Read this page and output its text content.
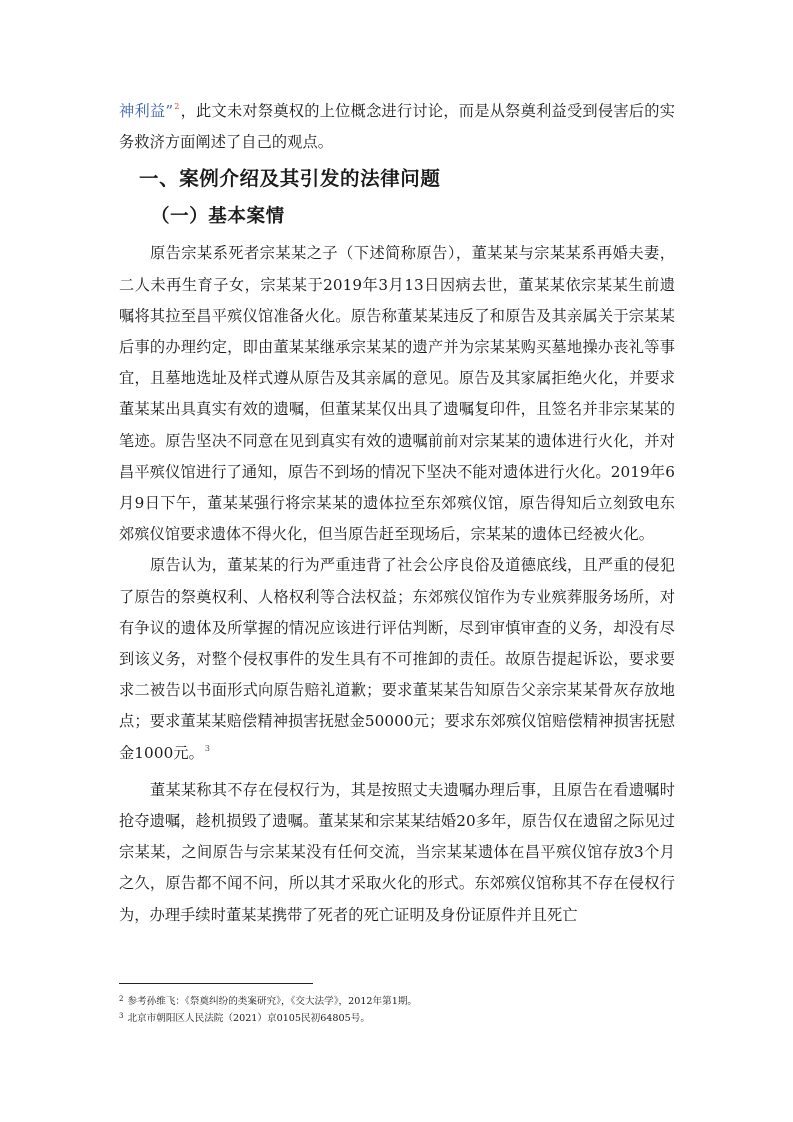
神利益”$^2$，此文未对祭奠权的上位概念进行讨论，而是从祭奠利益受到侵害后的实务救济方面阐述了自己的观点。

一、案例介绍及其引发的法律问题
（一）基本案情

原告宗某系死者宗某某之子（下述简称原告），董某某与宗某某系再婚夫妻，二人未再生育子女，宗某某于2019年3月13日因病去世，董某某依宗某某生前遗嘱将其拉至昌平殡仪馆准备火化。原告称董某某违反了和原告及其亲属关于宗某某后事的办理约定，即由董某某继承宗某某的遗产并为宗某某购买墓地操办丧礼等事宜，且墓地选址及样式遵从原告及其亲属的意见。原告及其家属拒绝火化，并要求董某某出具真实有效的遗嘱，但董某某仅出具了遗嘱复印件，且签名并非宗某某的笔迹。原告坚决不同意在见到真实有效的遗嘱前前对宗某某的遗体进行火化，并对昌平殡仪馆进行了通知，原告不到场的情况下坚决不能对遗体进行火化。2019年6月9日下午，董某某强行将宗某某的遗体拉至东郊殡仪馆，原告得知后立刻致电东郊殡仪馆要求遗体不得火化，但当原告赶至现场后，宗某某的遗体已经被火化。

原告认为，董某某的行为严重违背了社会公序良俗及道德底线，且严重的侵犯了原告的祭奠权利、人格权利等合法权益；东郊殡仪馆作为专业殡葬服务场所，对有争议的遗体及所掌握的情况应该进行评估判断，尽到审慎审查的义务，却没有尽到该义务，对整个侵权事件的发生具有不可推卸的责任。故原告提起诉讼，要求要求二被告以书面形式向原告赔礼道歉；要求董某某告知原告父亲宗某某骨灰存放地点；要求董某某赔偿精神损害抚慰金50000元；要求东郊殡仪馆赔偿精神损害抚慰金1000元。$^3$

董某某称其不存在侵权行为，其是按照丈夫遗嘱办理后事，且原告在看遗嘱时抢夺遗嘱，趁机损毁了遗嘱。董某某和宗某某结婚20多年，原告仅在遗留之际见过宗某某，之间原告与宗某某没有任何交流，当宗某某遗体在昌平殡仪馆存放3个月之久，原告都不闻不问，所以其才采取火化的形式。东郊殡仪馆称其不存在侵权行为，办理手续时董某某携带了死者的死亡证明及身份证原件并且死亡

$^2$ 参考孙维飞：《祭奠纠纷的类案研究》，《交大法学》，2012年第1期。
$^3$ 北京市朝阳区人民法院（2021）京0105民初64805号。
